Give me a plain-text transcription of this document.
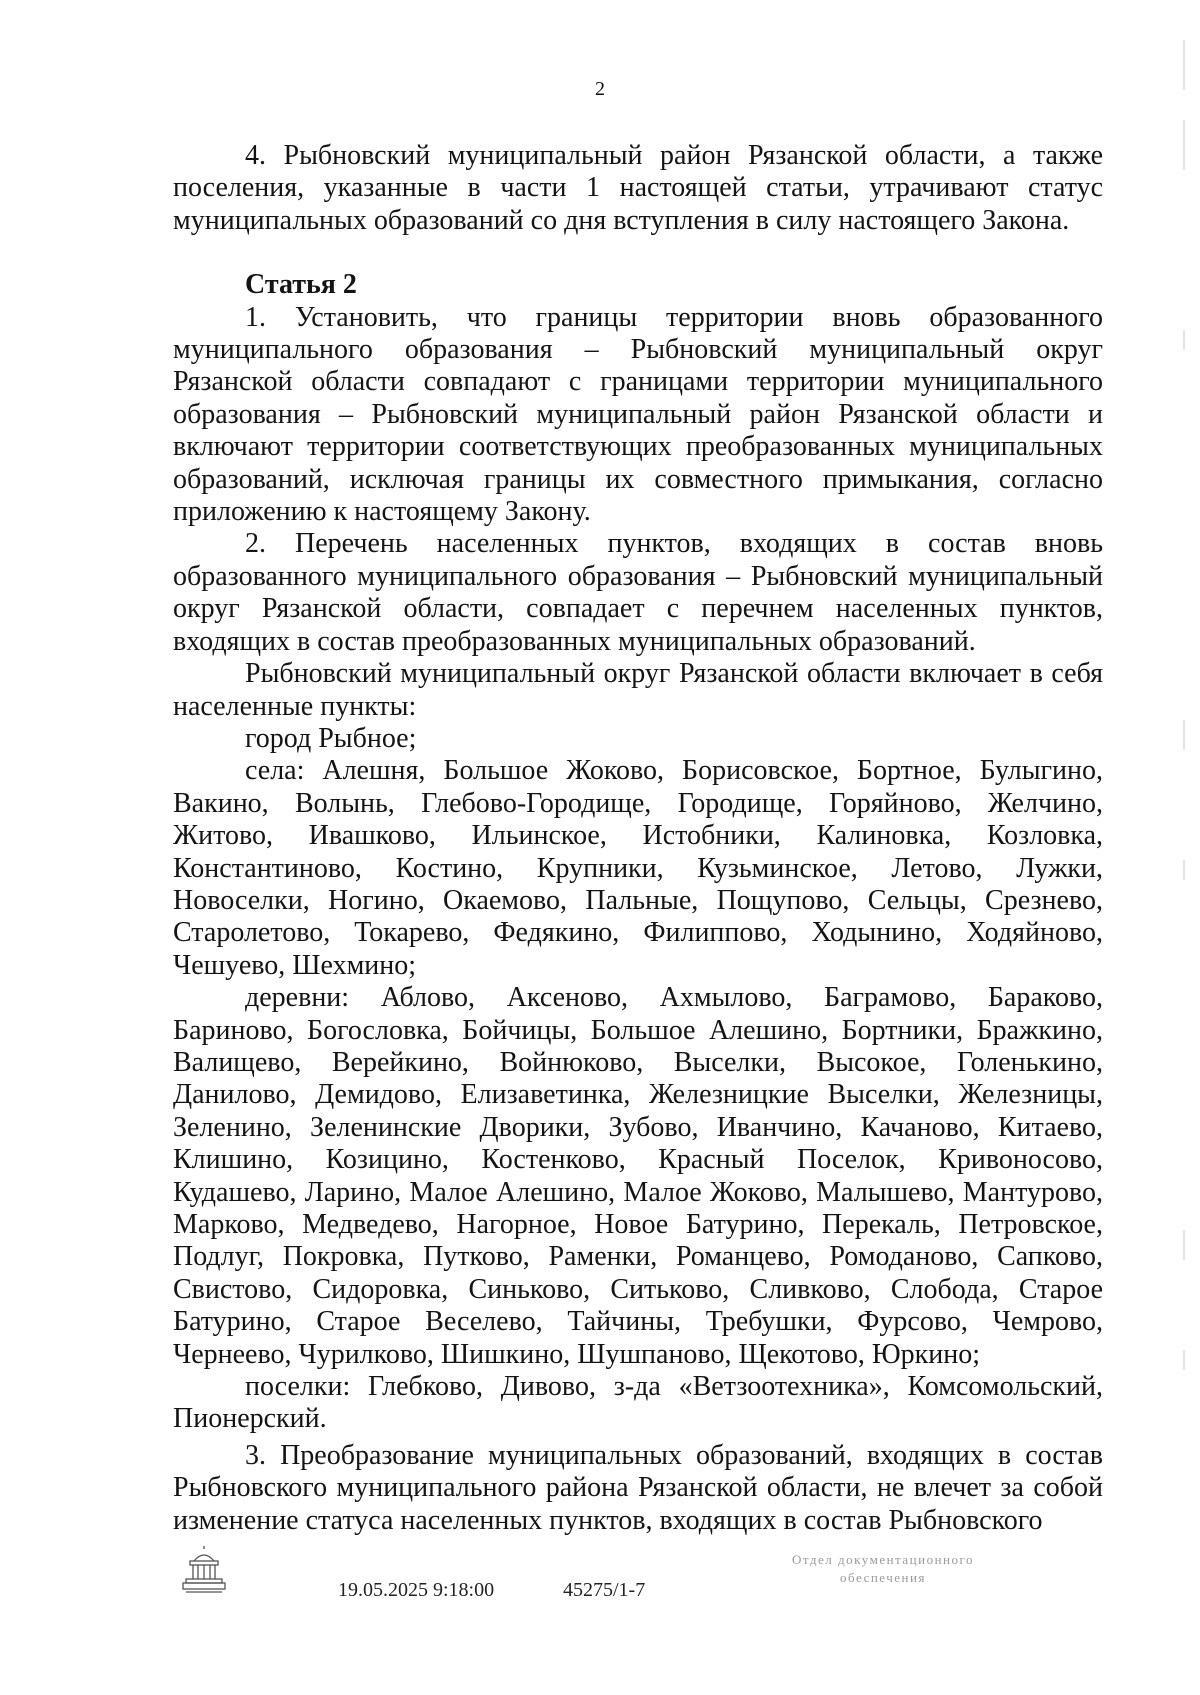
2

4. Рыбновский муниципальный район Рязанской области, а также поселения, указанные в части 1 настоящей статьи, утрачивают статус муниципальных образований со дня вступления в силу настоящего Закона.

Статья 2

1. Установить, что границы территории вновь образованного муниципального образования – Рыбновский муниципальный округ Рязанской области совпадают с границами территории муниципального образования – Рыбновский муниципальный район Рязанской области и включают территории соответствующих преобразованных муниципальных образований, исключая границы их совместного примыкания, согласно приложению к настоящему Закону.

2. Перечень населенных пунктов, входящих в состав вновь образованного муниципального образования – Рыбновский муниципальный округ Рязанской области, совпадает с перечнем населенных пунктов, входящих в состав преобразованных муниципальных образований.

Рыбновский муниципальный округ Рязанской области включает в себя населенные пункты:

город Рыбное;

села: Алешня, Большое Жоково, Борисовское, Бортное, Булыгино, Вакино, Волынь, Глебово-Городище, Городище, Горяйново, Желчино, Житово, Ивашково, Ильинское, Истобники, Калиновка, Козловка, Константиново, Костино, Крупники, Кузьминское, Летово, Лужки, Новоселки, Ногино, Окаемово, Пальные, Пощупово, Сельцы, Срезнево, Старолетово, Токарево, Федякино, Филиппово, Ходынино, Ходяйново, Чешуево, Шехмино;

деревни: Аблово, Аксеново, Ахмылово, Баграмово, Бараково, Бариново, Богословка, Бойчицы, Большое Алешино, Бортники, Бражкино, Валищево, Верейкино, Войнюково, Выселки, Высокое, Голенькино, Данилово, Демидово, Елизаветинка, Железницкие Выселки, Железницы, Зеленино, Зеленинские Дворики, Зубово, Иванчино, Качаново, Китаево, Клишино, Козицино, Костенково, Красный Поселок, Кривоносово, Кудашево, Ларино, Малое Алешино, Малое Жоково, Малышево, Мантурово, Марково, Медведево, Нагорное, Новое Батурино, Перекаль, Петровское, Подлуг, Покровка, Путково, Раменки, Романцево, Ромоданово, Сапково, Свистово, Сидоровка, Синьково, Ситьково, Сливково, Слобода, Старое Батурино, Старое Веселево, Тайчины, Требушки, Фурсово, Чемрово, Чернеево, Чурилково, Шишкино, Шушпаново, Щекотово, Юркино;

поселки: Глебково, Дивово, з-да «Ветзоотехника», Комсомольский, Пионерский.

3. Преобразование муниципальных образований, входящих в состав Рыбновского муниципального района Рязанской области, не влечет за собой изменение статуса населенных пунктов, входящих в состав Рыбновского

19.05.2025 9:18:00	45275/1-7
Отдел документационного
обеспечения
